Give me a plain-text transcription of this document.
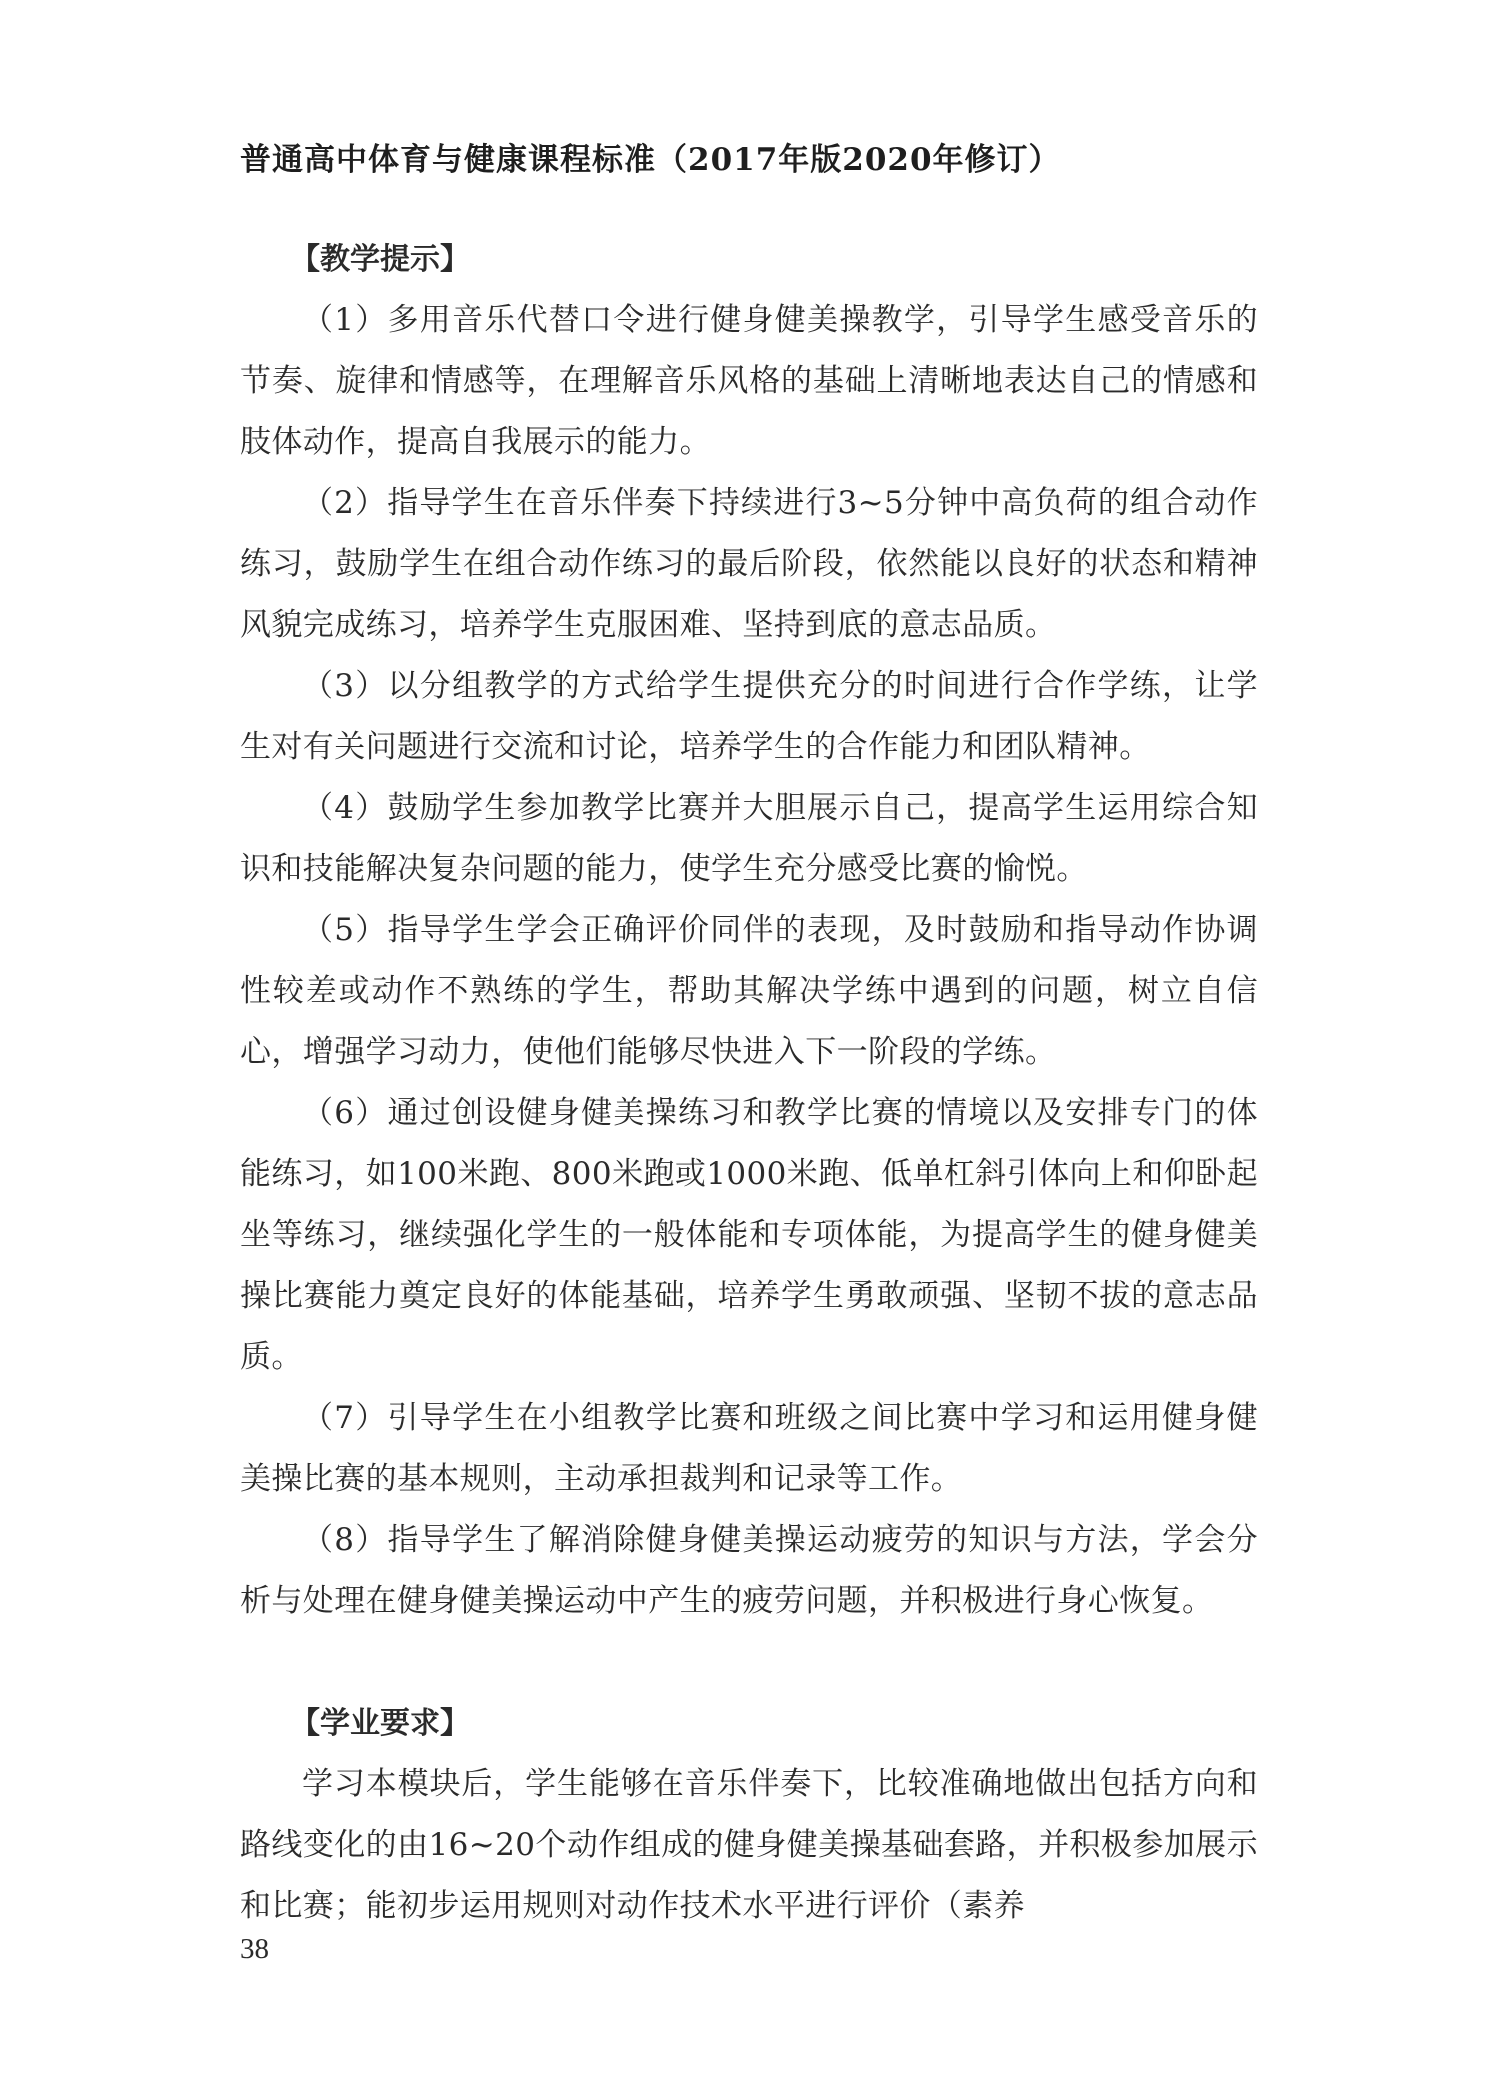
普通高中体育与健康课程标准（2017年版2020年修订）
【教学提示】

（1）多用音乐代替口令进行健身健美操教学，引导学生感受音乐的节奏、旋律和情感等，在理解音乐风格的基础上清晰地表达自己的情感和肢体动作，提高自我展示的能力。

（2）指导学生在音乐伴奏下持续进行3~5分钟中高负荷的组合动作练习，鼓励学生在组合动作练习的最后阶段，依然能以良好的状态和精神风貌完成练习，培养学生克服困难、坚持到底的意志品质。

（3）以分组教学的方式给学生提供充分的时间进行合作学练，让学生对有关问题进行交流和讨论，培养学生的合作能力和团队精神。

（4）鼓励学生参加教学比赛并大胆展示自己，提高学生运用综合知识和技能解决复杂问题的能力，使学生充分感受比赛的愉悦。

（5）指导学生学会正确评价同伴的表现，及时鼓励和指导动作协调性较差或动作不熟练的学生，帮助其解决学练中遇到的问题，树立自信心，增强学习动力，使他们能够尽快进入下一阶段的学练。

（6）通过创设健身健美操练习和教学比赛的情境以及安排专门的体能练习，如100米跑、800米跑或1000米跑、低单杠斜引体向上和仰卧起坐等练习，继续强化学生的一般体能和专项体能，为提高学生的健身健美操比赛能力奠定良好的体能基础，培养学生勇敢顽强、坚韧不拔的意志品质。

（7）引导学生在小组教学比赛和班级之间比赛中学习和运用健身健美操比赛的基本规则，主动承担裁判和记录等工作。

（8）指导学生了解消除健身健美操运动疲劳的知识与方法，学会分析与处理在健身健美操运动中产生的疲劳问题，并积极进行身心恢复。

【学业要求】

学习本模块后，学生能够在音乐伴奏下，比较准确地做出包括方向和路线变化的由16~20个动作组成的健身健美操基础套路，并积极参加展示和比赛；能初步运用规则对动作技术水平进行评价（素养

38
